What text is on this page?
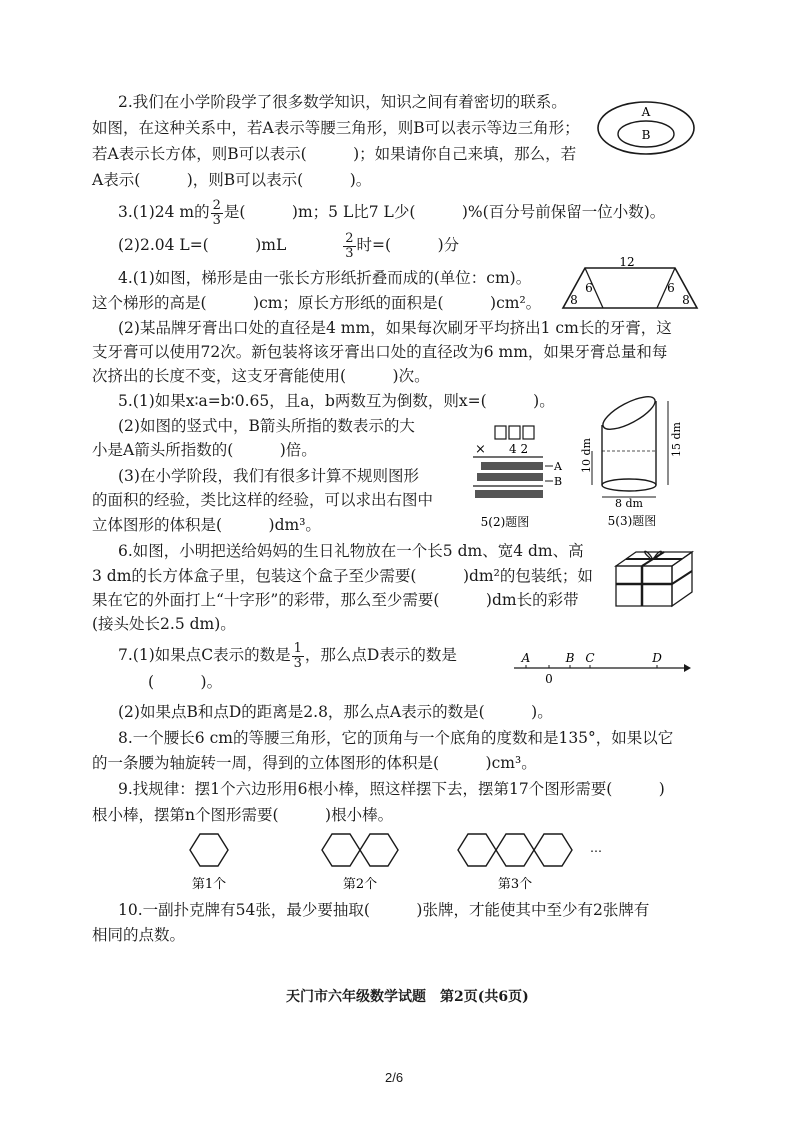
2.我们在小学阶段学了很多数学知识，知识之间有着密切的联系。
如图，在这种关系中，若A表示等腰三角形，则B可以表示等边三角形；
若A表示长方体，则B可以表示(　　　)；如果请你自己来填，那么，若
A表示(　　　)，则B可以表示(　　　)。
A
B
3.(1)24 m的 $\frac{2}{3}$ 是(　　　)m；5 L比7 L少(　　　)%(百分号前保留一位小数)。
(2)2.04 L=(　　　)mL	$\frac{2}{3}$ 时=(　　　)分
4.(1)如图，梯形是由一张长方形纸折叠而成的(单位：cm)。
这个梯形的高是(　　　)cm；原长方形纸的面积是(　　　)cm²。
(2)某品牌牙膏出口处的直径是4 mm，如果每次刷牙平均挤出1 cm长的牙膏，这
支牙膏可以使用72次。新包装将该牙膏出口处的直径改为6 mm，如果牙膏总量和每
次挤出的长度不变，这支牙膏能使用(　　　)次。
12
6
8
6
8
5.(1)如果x∶a=b∶0.65，且a，b两数互为倒数，则x=(　　　)。
(2)如图的竖式中，B箭头所指的数表示的大
小是A箭头所指数的(　　　)倍。
(3)在小学阶段，我们有很多计算不规则图形
的面积的经验，类比这样的经验，可以求出右图中
立体图形的体积是(　　　)dm³。
× 4 2
A
B
5(2)题图
10 dm	15 dm
8 dm
5(3)题图
6.如图，小明把送给妈妈的生日礼物放在一个长5 dm、宽4 dm、高
3 dm的长方体盒子里，包装这个盒子至少需要(　　　)dm²的包装纸；如
果在它的外面打上“十字形”的彩带，那么至少需要(　　　)dm长的彩带
(接头处长2.5 dm)。
7.(1)如果点C表示的数是 $\frac{1}{3}$ ，那么点D表示的数是
(　　　)。
(2)如果点B和点D的距离是2.8，那么点A表示的数是(　　　)。
A	B C	D
0
8.一个腰长6 cm的等腰三角形，它的顶角与一个底角的度数和是135°，如果以它
的一条腰为轴旋转一周，得到的立体图形的体积是(　　　)cm³。
9.找规律：摆1个六边形用6根小棒，照这样摆下去，摆第17个图形需要(　　　)
根小棒，摆第n个图形需要(　　　)根小棒。
…
第1个	第2个	第3个
10.一副扑克牌有54张，最少要抽取(　　　)张牌，才能使其中至少有2张牌有
相同的点数。
天门市六年级数学试题　第2页(共6页)
2/6
